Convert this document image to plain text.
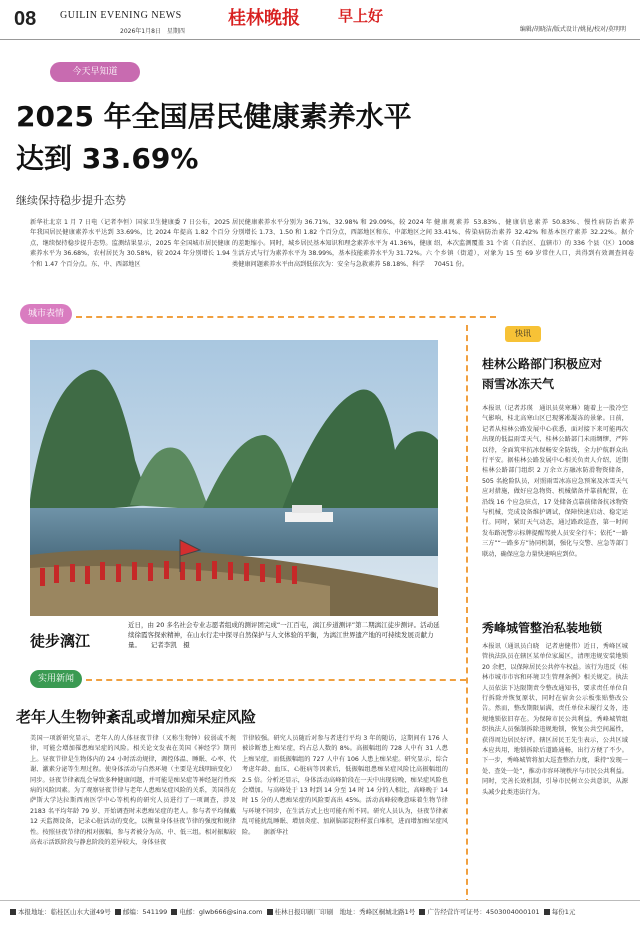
08 GUILIN EVENING NEWS
2026年1月8日　星期四
桂林晚报	早上好
编辑/胡晓洁/版式设计/姚昆/校对/莫明明
今天早知道
2025 年全国居民健康素养水平
达到 33.69%
继续保持稳步提升态势
新华社北京 1 月 7 日电（记者李恒）国家卫生健康委 7 日公布，2025 年我国居民健康素养水平达到 33.69%，比 2024 年提高 1.82 个百分点，继续保持稳步提升态势。监测结果显示，2025 年全国城市居民健康素养水平为 36.68%，农村居民为 30.58%，较 2024 年分别增长 1.94 个和 1.47 个百分点。东、中、西部地区
居民健康素养水平分别为 36.71%、32.98% 和 29.09%，较 2024 年分别增长 1.73、1.50 和 1.82 个百分点，西部地区和东、中部地区之间的差距缩小。同时，城乡居民基本知识和理念素养水平为 41.36%，健康生活方式与行为素养水平为 38.99%，基本技能素养水平为 31.72%。六类健康问题素养水平由高到低依次为：安全与急救素养 58.18%、科学
健康观素养 53.83%、健康信息素养 50.83%、慢性病防治素养 33.41%、传染病防治素养 32.42% 和基本医疗素养 32.22%。据介绍，本次监测覆盖 31 个省（自治区、直辖市）的 336 个县（区）1008 个乡镇（街道），对象为 15 至 69 岁常住人口，共得到有效调查问卷 70451 份。
城市表情
徒步漓江
近日，由 20 多名社会专业志愿者组成的测评团完成“一江百屯，漓江步道测评”第二期漓江徒步测评。活动延续徐霞客探索精神，在山水行走中探寻自然保护与人文体验的平衡，为漓江世界遗产地的可持续发展贡献力量。　　记者李凯　摄
快讯
桂林公路部门积极应对
雨雪冰冻天气
本报讯（记者苏瑛　通讯员莫寒琳）随着上一股冷空气影响，桂北高寒山区已现雾凇凝冻的景象。日前，记者从桂林公路发展中心获悉，面对接下来可能再次出现的低温雨雪天气，桂林公路部门未雨绸缪，严阵以待，全面筑牢抗冰保畅安全防线，全力护航群众出行平安。据桂林公路发展中心相关负责人介绍，近期桂林公路部门组织 2 万余立方融冰防滑物资储备，505 名抢险队员，对照雨雪冰冻应急预案及冰雪天气应对措施，做好应急物资、机械储备并靠前配置，在沿线 16 个应急驻点，17 处储备点靠前储备抗冰物资与机械，完成设备维护调试，保障快速启动、稳定运行。同时，紧盯天气动态，通过路政巡查，第一时间发布路况警示标牌提醒驾驶人员安全行车；依托“一路三方”“一路多方”协同机制，强化与交警、应急等部门联动，确保应急力量快速响应到位。
秀峰城管整治私装地锁
本报讯（通讯员白晓　记者唐健伟）近日，秀峰区城管执法队员在辖区某单位家属区，清理违规安装地锁 20 余把，以保障居民公共停车权益。该行为违反《桂林市城市市容和环境卫生管理条例》相关规定。执法人员依法下达限期责令整改通知书，要求责任单位自行拆除并恢复原状，同时在宿舍公示板张贴整改公告。然而，整改期限届满，责任单位未履行义务，违规地锁依旧存在。为保障市民公共利益，秀峰城管组织执法人员强制拆除违规地锁，恢复公共空间属性，获得周边居民好评。辖区居民王先生表示，公共区域本应共用，地锁拆除后道路通畅，出行方便了不少。下一步，秀峰城管将加大巡查整治力度，秉持“发现一处、查处一处”，推动市容环境秩序与市民公共利益。同时，完善长效机制，引导市民树立公共意识，从源头减少此类违法行为。
实用新闻
老年人生物钟紊乱或增加痴呆症风险
美国一项新研究显示，老年人的人体昼夜节律（又称生物钟）较弱或不规律，可能会增加罹患痴呆症的风险。相关论文发表在美国《神经学》期刊上。昼夜节律是生物体内的 24 小时活动规律，调控体温、睡眠、心率、代谢、激素分泌等生理过程。使身体活动与自然环境（主要是光线明暗变化）同步。昼夜节律紊乱会导致多种健康问题，并可能是痴呆症等神经退行性疾病的风险因素。为了观察昼夜节律与老年人患痴呆症风险的关系，美国得克萨斯大学达拉斯西南医学中心等机构的研究人员进行了一项调查，涉及 2183 名平均年龄 79 岁、开始调查时未患痴呆症的老人。参与者平均佩戴 12 天监测设备，记录心脏活动的变化，以衡量身体昼夜节律的强度和规律性。按照昼夜节律的相对振幅，参与者被分为高、中、低三组。相对振幅较高表示活跃阶段与静息阶段的差异较大，身体昼夜
节律较强。研究人员随后对参与者进行平均 3 年的随访，这期间有 176 人被诊断患上痴呆症，约占总人数的 8%。高振幅组的 728 人中有 31 人患上痴呆症，而低振幅组的 727 人中有 106 人患上痴呆症。研究显示，综合考虑年龄、血压、心脏病等因素后，低振幅组患痴呆症风险比高振幅组的 2.5 倍。分析还显示，身体活动高峰阶段在一天中出现较晚，痴呆症风险也会增加。与高峰处于 13 时到 14 分至 14 时 14 分的人相比，高峰晚于 14 时 15 分的人患痴呆症的风险要高出 45%。活动高峰较晚意味着生物节律与环境不同步，在生活方式上也可能有所不同。研究人员认为，昼夜节律紊乱可能扰乱睡眠、增加炎症、加剧脑部淀粉样蛋白堆积，进而增加痴呆症风险。　　据新华社
本报地址：临桂区山水大道49号 邮编：541199 电邮：glwb666@sina.com 桂林日报印刷厂印刷　地址：秀峰区桐城北路1号 广告经营许可证号：4503004000101 每份1元
